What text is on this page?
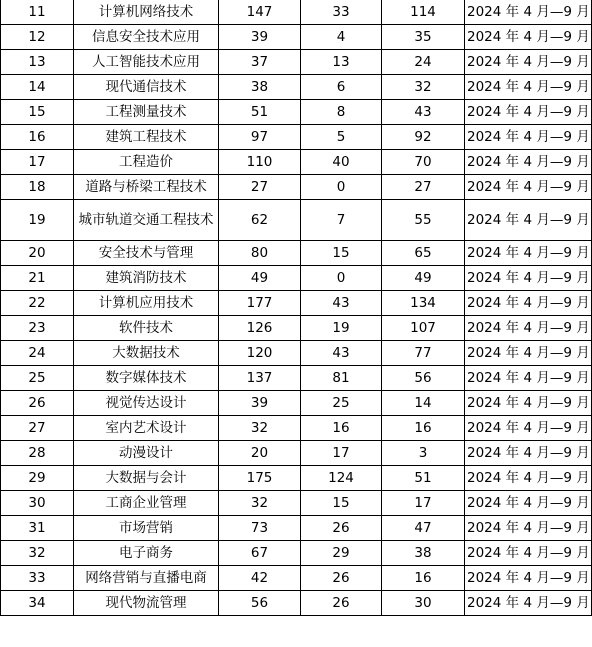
11	计算机网络技术	147	33	114	2024 年 4 月—9 月
12	信息安全技术应用	39	4	35	2024 年 4 月—9 月
13	人工智能技术应用	37	13	24	2024 年 4 月—9 月
14	现代通信技术	38	6	32	2024 年 4 月—9 月
15	工程测量技术	51	8	43	2024 年 4 月—9 月
16	建筑工程技术	97	5	92	2024 年 4 月—9 月
17	工程造价	110	40	70	2024 年 4 月—9 月
18	道路与桥梁工程技术	27	0	27	2024 年 4 月—9 月
19	城市轨道交通工程技术	62	7	55	2024 年 4 月—9 月
20	安全技术与管理	80	15	65	2024 年 4 月—9 月
21	建筑消防技术	49	0	49	2024 年 4 月—9 月
22	计算机应用技术	177	43	134	2024 年 4 月—9 月
23	软件技术	126	19	107	2024 年 4 月—9 月
24	大数据技术	120	43	77	2024 年 4 月—9 月
25	数字媒体技术	137	81	56	2024 年 4 月—9 月
26	视觉传达设计	39	25	14	2024 年 4 月—9 月
27	室内艺术设计	32	16	16	2024 年 4 月—9 月
28	动漫设计	20	17	3	2024 年 4 月—9 月
29	大数据与会计	175	124	51	2024 年 4 月—9 月
30	工商企业管理	32	15	17	2024 年 4 月—9 月
31	市场营销	73	26	47	2024 年 4 月—9 月
32	电子商务	67	29	38	2024 年 4 月—9 月
33	网络营销与直播电商	42	26	16	2024 年 4 月—9 月
34	现代物流管理	56	26	30	2024 年 4 月—9 月
